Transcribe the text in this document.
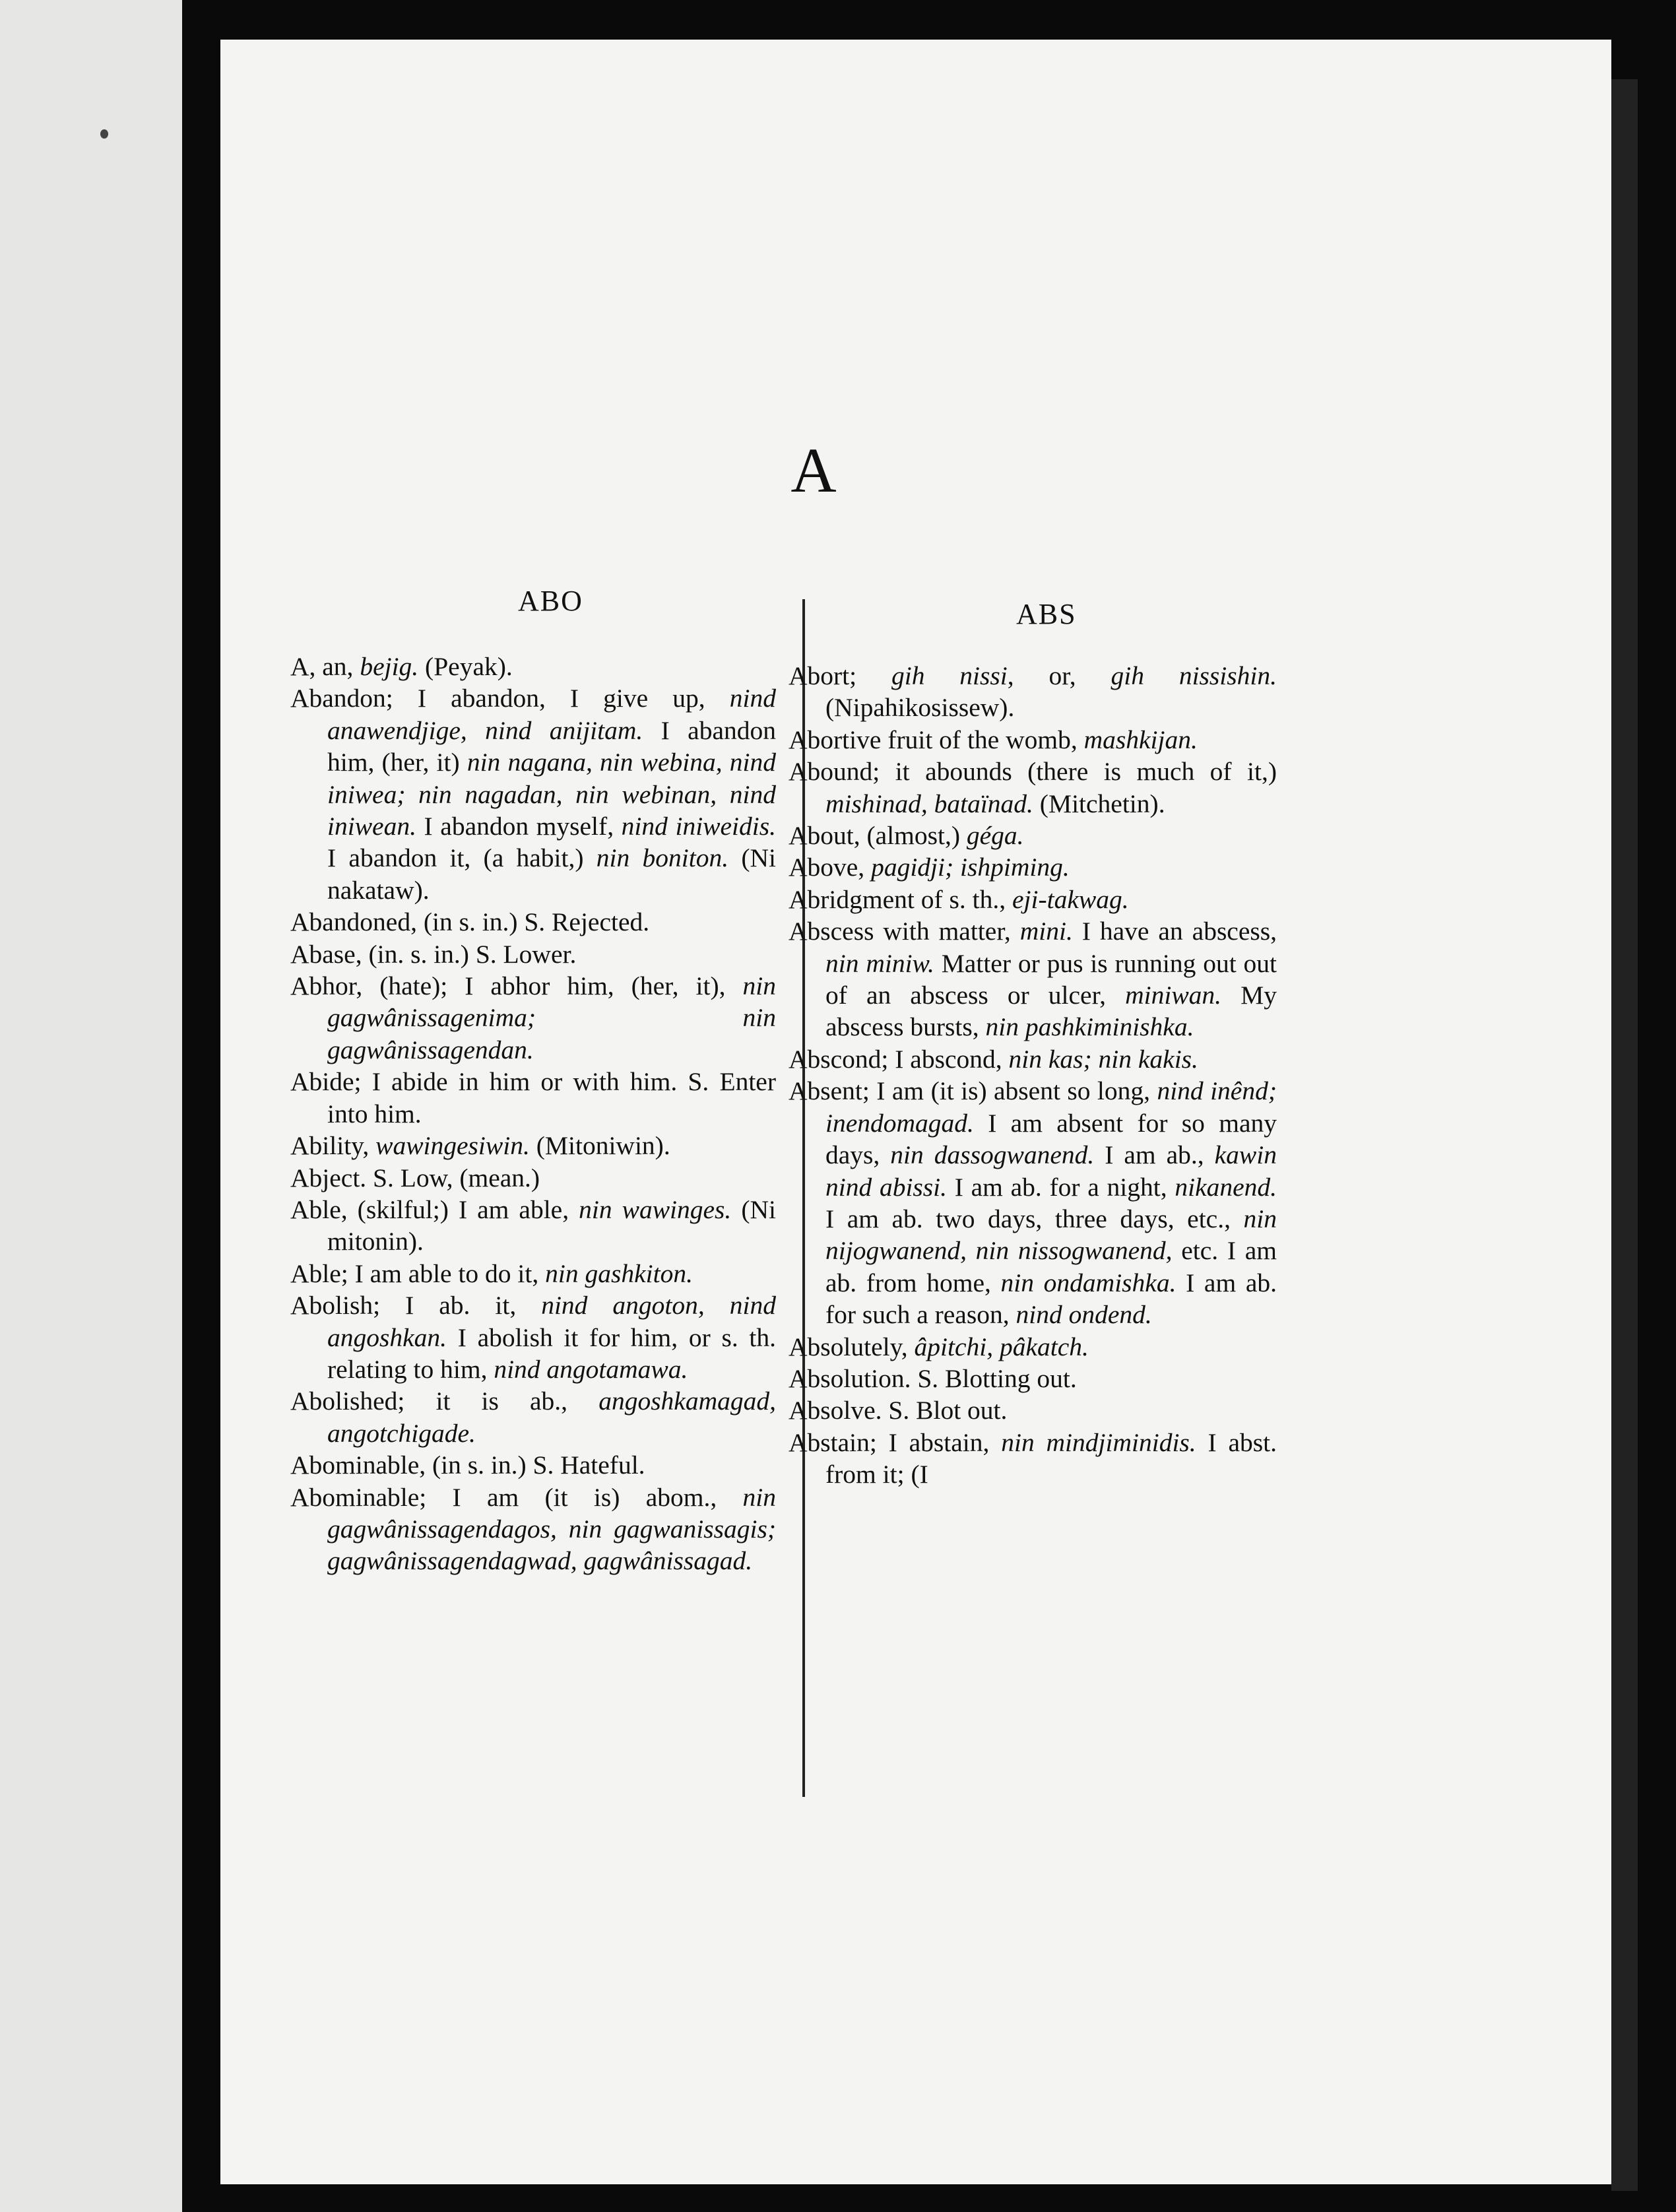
A
ABO	ABS
A, an, bejig. (Peyak).
Abandon; I abandon, I give up, nind anawendjige, nind anijitam. I abandon him, (her, it) nin nagana, nin webina, nind iniwea; nin nagadan, nin webinan, nind iniwean. I abandon myself, nind iniweidis. I abandon it, (a habit,) nin boniton. (Ni nakataw).
Abandoned, (in s. in.) S. Rejected.
Abase, (in. s. in.) S. Lower.
Abhor, (hate); I abhor him, (her, it), nin gagwânissagenima; nin gagwânissagendan.
Abide; I abide in him or with him. S. Enter into him.
Ability, wawingesiwin. (Mitoniwin).
Abject. S. Low, (mean.)
Able, (skilful;) I am able, nin wawinges. (Ni mitonin).
Able; I am able to do it, nin gashkiton.
Abolish; I ab. it, nind angoton, nind angoshkan. I abolish it for him, or s. th. relating to him, nind angotamawa.
Abolished; it is ab., angoshkamagad, angotchigade.
Abominable, (in s. in.) S. Hateful.
Abominable; I am (it is) abom., nin gagwânissagendagos, nin gagwanissagis; gagwânissagendagwad, gagwânissagad.
Abort; gih nissi, or, gih nissishin. (Nipahikosissew).
Abortive fruit of the womb, mashkijan.
Abound; it abounds (there is much of it,) mishinad, bataïnad. (Mitchetin).
About, (almost,) géga.
Above, pagidji; ishpiming.
Abridgment of s. th., eji-takwag.
Abscess with matter, mini. I have an abscess, nin miniw. Matter or pus is running out out of an abscess or ulcer, miniwan. My abscess bursts, nin pashkiminishka.
Abscond; I abscond, nin kas; nin kakis.
Absent; I am (it is) absent so long, nind inênd; inendomagad. I am absent for so many days, nin dassogwanend. I am ab., kawin nind abissi. I am ab. for a night, nikanend. I am ab. two days, three days, etc., nin nijogwanend, nin nissogwanend, etc. I am ab. from home, nin ondamishka. I am ab. for such a reason, nind ondend.
Absolutely, âpitchi, pâkatch.
Absolution. S. Blotting out.
Absolve. S. Blot out.
Abstain; I abstain, nin mindjiminidis. I abst. from it; (I
